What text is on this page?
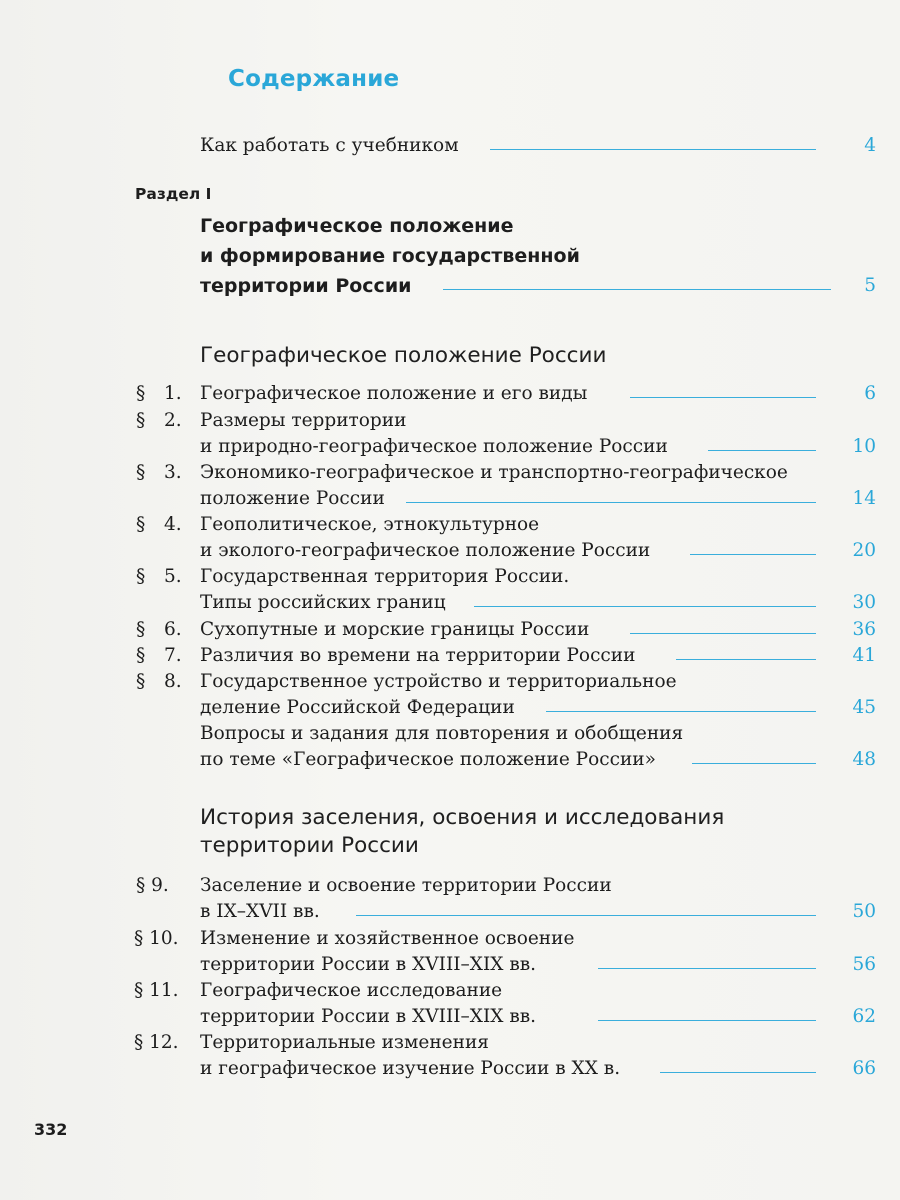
Содержание
Как работать с учебником	4
Раздел I
Географическое положение
и формирование государственной
территории России	5
Географическое положение России
§ 1. Географическое положение и его виды	6
§ 2. Размеры территории
и природно-географическое положение России	10
§ 3. Экономико-географическое и транспортно-географическое
положение России	14
§ 4. Геополитическое, этнокультурное
и эколого-географическое положение России	20
§ 5. Государственная территория России.
Типы российских границ	30
§ 6. Сухопутные и морские границы России	36
§ 7. Различия во времени на территории России	41
§ 8. Государственное устройство и территориальное
деление Российской Федерации	45
Вопросы и задания для повторения и обобщения
по теме «Географическое положение России»	48
История заселения, освоения и исследования
территории России
§ 9. Заселение и освоение территории России
в IX–XVII вв.	50
§ 10. Изменение и хозяйственное освоение
территории России в XVIII–XIX вв.	56
§ 11. Географическое исследование
территории России в XVIII–XIX вв.	62
§ 12. Территориальные изменения
и географическое изучение России в XX в.	66
332
